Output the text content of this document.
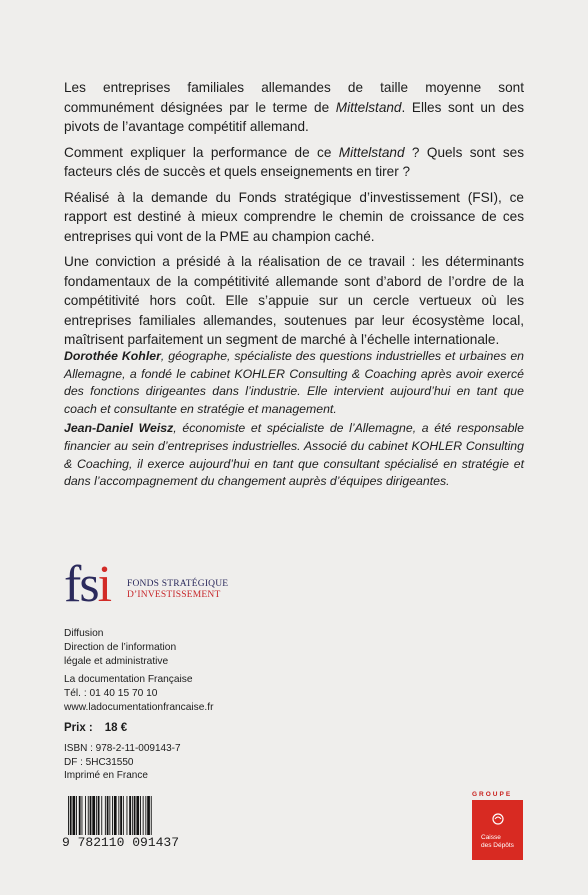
Les entreprises familiales allemandes de taille moyenne sont communément désignées par le terme de Mittelstand. Elles sont un des pivots de l’avantage compétitif allemand.

Comment expliquer la performance de ce Mittelstand ? Quels sont ses facteurs clés de succès et quels enseignements en tirer ?

Réalisé à la demande du Fonds stratégique d’investissement (FSI), ce rapport est destiné à mieux comprendre le chemin de croissance de ces entreprises qui vont de la PME au champion caché.

Une conviction a présidé à la réalisation de ce travail : les déterminants fondamentaux de la compétitivité allemande sont d’abord de l’ordre de la compétitivité hors coût. Elle s’appuie sur un cercle vertueux où les entreprises familiales allemandes, soutenues par leur écosystème local, maîtrisent parfaitement un segment de marché à l’échelle internationale.

Dorothée Kohler, géographe, spécialiste des questions industrielles et urbaines en Allemagne, a fondé le cabinet KOHLER Consulting & Coaching après avoir exercé des fonctions dirigeantes dans l’industrie. Elle intervient aujourd’hui en tant que coach et consultante en stratégie et management.

Jean-Daniel Weisz, économiste et spécialiste de l’Allemagne, a été responsable financier au sein d’entreprises industrielles. Associé du cabinet KOHLER Consulting & Coaching, il exerce aujourd’hui en tant que consultant spécialisé en stratégie et dans l’accompagnement du changement auprès d’équipes dirigeantes.

fsi	FONDS STRATÉGIQUE
D’INVESTISSEMENT
Diffusion
Direction de l’information
légale et administrative
La documentation Française
Tél. : 01 40 15 70 10
www.ladocumentationfrancaise.fr
Prix : 18 €
ISBN : 978-2-11-009143-7
DF : 5HC31550
Imprimé en France
9 782110 091437
GROUPE
Caisse
des Dépôts
